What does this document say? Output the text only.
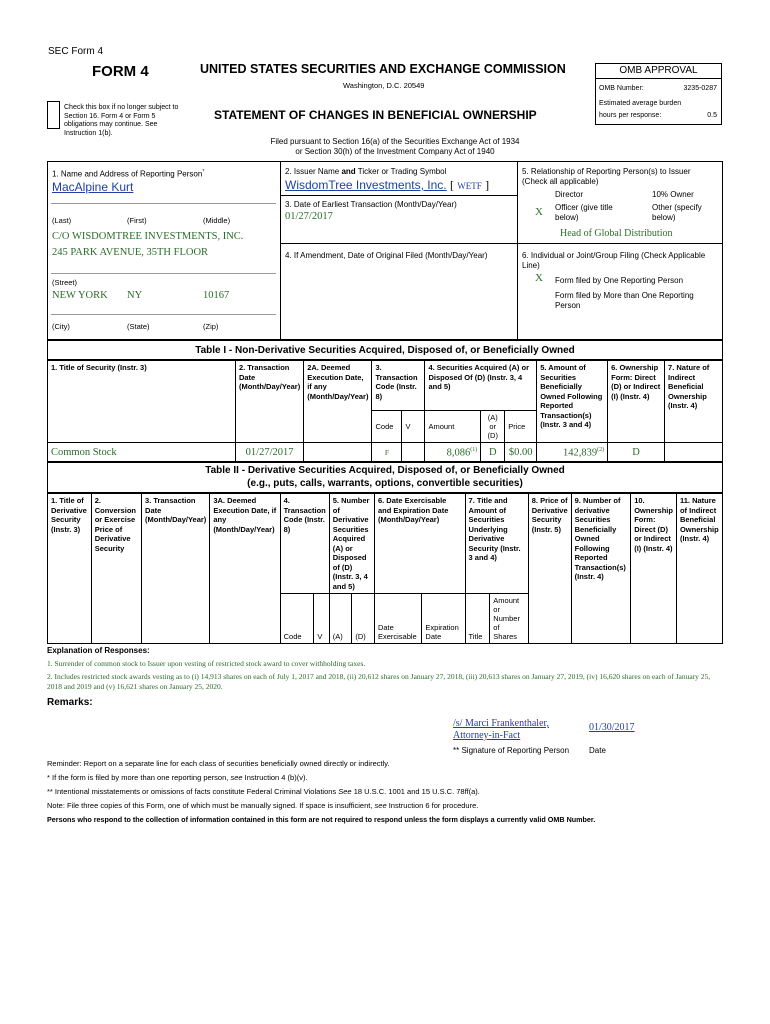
SEC Form 4
FORM 4	UNITED STATES SECURITIES AND EXCHANGE COMMISSION
Washington, D.C. 20549
Check this box if no longer subject to Section 16. Form 4 or Form 5 obligations may continue. See Instruction 1(b).
STATEMENT OF CHANGES IN BENEFICIAL OWNERSHIP
Filed pursuant to Section 16(a) of the Securities Exchange Act of 1934
or Section 30(h) of the Investment Company Act of 1940
OMB APPROVAL
OMB Number:	3235-0287
Estimated average burden
hours per response:	0.5
1. Name and Address of Reporting Person*
MacAlpine Kurt
(Last)	(First)	(Middle)
C/O WISDOMTREE INVESTMENTS, INC.
245 PARK AVENUE, 35TH FLOOR
(Street)
NEW YORK NY	10167
(City)	(State)	(Zip)
2. Issuer Name and Ticker or Trading Symbol
WisdomTree Investments, Inc. [ WETF ]
3. Date of Earliest Transaction (Month/Day/Year)
01/27/2017
4. If Amendment, Date of Original Filed (Month/Day/Year)
5. Relationship of Reporting Person(s) to Issuer (Check all applicable)
Director	10% Owner
X Officer (give title below)
Other (specify below)
Head of Global Distribution
6. Individual or Joint/Group Filing (Check Applicable Line)
X Form filed by One Reporting Person
Form filed by More than One Reporting Person
Table I - Non-Derivative Securities Acquired, Disposed of, or Beneficially Owned
1. Title of Security (Instr. 3)	2. Transaction Date (Month/Day/Year)	2A. Deemed Execution Date, if any (Month/Day/Year)	3. Transaction Code (Instr. 8)		4. Securities Acquired (A) or Disposed Of (D) (Instr. 3, 4 and 5)			5. Amount of Securities Beneficially Owned Following Reported Transaction(s) (Instr. 3 and 4)	6. Ownership Form: Direct (D) or Indirect (I) (Instr. 4)	7. Nature of Indirect Beneficial Ownership (Instr. 4)
			Code	V	Amount	(A) or (D)	Price			
Common Stock	01/27/2017		F		8,086$^{(1)}$	D	$0.00	142,839$^{(2)}$	D	
Table II - Derivative Securities Acquired, Disposed of, or Beneficially Owned
(e.g., puts, calls, warrants, options, convertible securities)
1. Title of Derivative Security (Instr. 3)	2. Conversion or Exercise Price of Derivative Security	3. Transaction Date (Month/Day/Year)	3A. Deemed Execution Date, if any (Month/Day/Year)	4. Transaction Code (Instr. 8)		5. Number of Derivative Securities Acquired (A) or Disposed of (D) (Instr. 3, 4 and 5)		6. Date Exercisable and Expiration Date (Month/Day/Year)		7. Title and Amount of Securities Underlying Derivative Security (Instr. 3 and 4)		8. Price of Derivative Security (Instr. 5)	9. Number of derivative Securities Beneficially Owned Following Reported Transaction(s) (Instr. 4)	10. Ownership Form: Direct (D) or Indirect (I) (Instr. 4)	11. Nature of Indirect Beneficial Ownership (Instr. 4)
				Code	V	(A)	(D)	Date Exercisable	Expiration Date	Title	Amount or Number of Shares				
Explanation of Responses:
1. Surrender of common stock to Issuer upon vesting of restricted stock award to cover withholding taxes.
2. Includes restricted stock awards vesting as to (i) 14,913 shares on each of July 1, 2017 and 2018, (ii) 20,612 shares on January 27, 2018, (iii) 20,613 shares on January 27, 2019, (iv) 16,620 shares on each of January 25, 2018 and 2019 and (v) 16,621 shares on January 25, 2020.
Remarks:
/s/ Marci Frankenthaler,
Attorney-in-Fact
01/30/2017
** Signature of Reporting Person Date
Reminder: Report on a separate line for each class of securities beneficially owned directly or indirectly.
* If the form is filed by more than one reporting person, see Instruction 4 (b)(v).
** Intentional misstatements or omissions of facts constitute Federal Criminal Violations See 18 U.S.C. 1001 and 15 U.S.C. 78ff(a).
Note: File three copies of this Form, one of which must be manually signed. If space is insufficient, see Instruction 6 for procedure.
Persons who respond to the collection of information contained in this form are not required to respond unless the form displays a currently valid OMB Number.
